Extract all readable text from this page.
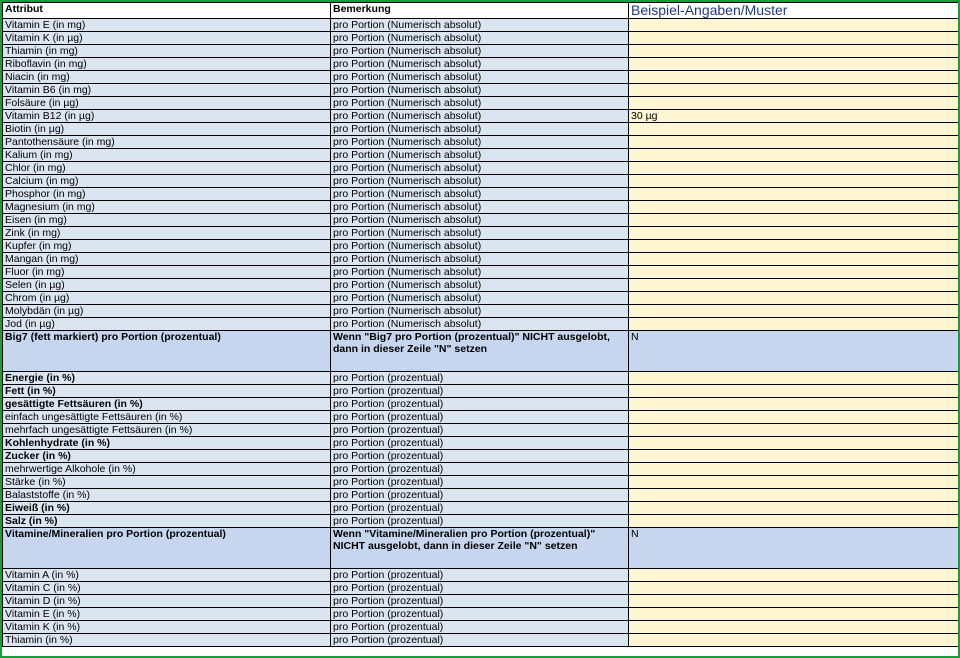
Attribut	Bemerkung	Beispiel-Angaben/Muster
Vitamin E (in mg)	pro Portion (Numerisch absolut)	
Vitamin K (in µg)	pro Portion (Numerisch absolut)	
Thiamin (in mg)	pro Portion (Numerisch absolut)	
Riboflavin (in mg)	pro Portion (Numerisch absolut)	
Niacin (in mg)	pro Portion (Numerisch absolut)	
Vitamin B6 (in mg)	pro Portion (Numerisch absolut)	
Folsäure (in µg)	pro Portion (Numerisch absolut)	
Vitamin B12 (in µg)	pro Portion (Numerisch absolut)	30 µg
Biotin (in µg)	pro Portion (Numerisch absolut)	
Pantothensäure (in mg)	pro Portion (Numerisch absolut)	
Kalium (in mg)	pro Portion (Numerisch absolut)	
Chlor (in mg)	pro Portion (Numerisch absolut)	
Calcium (in mg)	pro Portion (Numerisch absolut)	
Phosphor (in mg)	pro Portion (Numerisch absolut)	
Magnesium (in mg)	pro Portion (Numerisch absolut)	
Eisen (in mg)	pro Portion (Numerisch absolut)	
Zink (in mg)	pro Portion (Numerisch absolut)	
Kupfer (in mg)	pro Portion (Numerisch absolut)	
Mangan (in mg)	pro Portion (Numerisch absolut)	
Fluor (in mg)	pro Portion (Numerisch absolut)	
Selen (in µg)	pro Portion (Numerisch absolut)	
Chrom (in µg)	pro Portion (Numerisch absolut)	
Molybdän (in µg)	pro Portion (Numerisch absolut)	
Jod (in µg)	pro Portion (Numerisch absolut)	
Big7 (fett markiert) pro Portion (prozentual)	Wenn "Big7 pro Portion (prozentual)" NICHT ausgelobt, dann in dieser Zeile "N" setzen	N
Energie (in %)	pro Portion (prozentual)	
Fett (in %)	pro Portion (prozentual)	
gesättigte Fettsäuren (in %)	pro Portion (prozentual)	
einfach ungesättigte Fettsäuren (in %)	pro Portion (prozentual)	
mehrfach ungesättigte Fettsäuren (in %)	pro Portion (prozentual)	
Kohlenhydrate (in %)	pro Portion (prozentual)	
Zucker (in %)	pro Portion (prozentual)	
mehrwertige Alkohole (in %)	pro Portion (prozentual)	
Stärke (in %)	pro Portion (prozentual)	
Balaststoffe (in %)	pro Portion (prozentual)	
Eiweiß (in %)	pro Portion (prozentual)	
Salz (in %)	pro Portion (prozentual)	
Vitamine/Mineralien pro Portion (prozentual)	Wenn "Vitamine/Mineralien pro Portion (prozentual)" NICHT ausgelobt, dann in dieser Zeile "N" setzen	N
Vitamin A (in %)	pro Portion (prozentual)	
Vitamin C (in %)	pro Portion (prozentual)	
Vitamin D (in %)	pro Portion (prozentual)	
Vitamin E (in %)	pro Portion (prozentual)	
Vitamin K (in %)	pro Portion (prozentual)	
Thiamin (in %)	pro Portion (prozentual)	
